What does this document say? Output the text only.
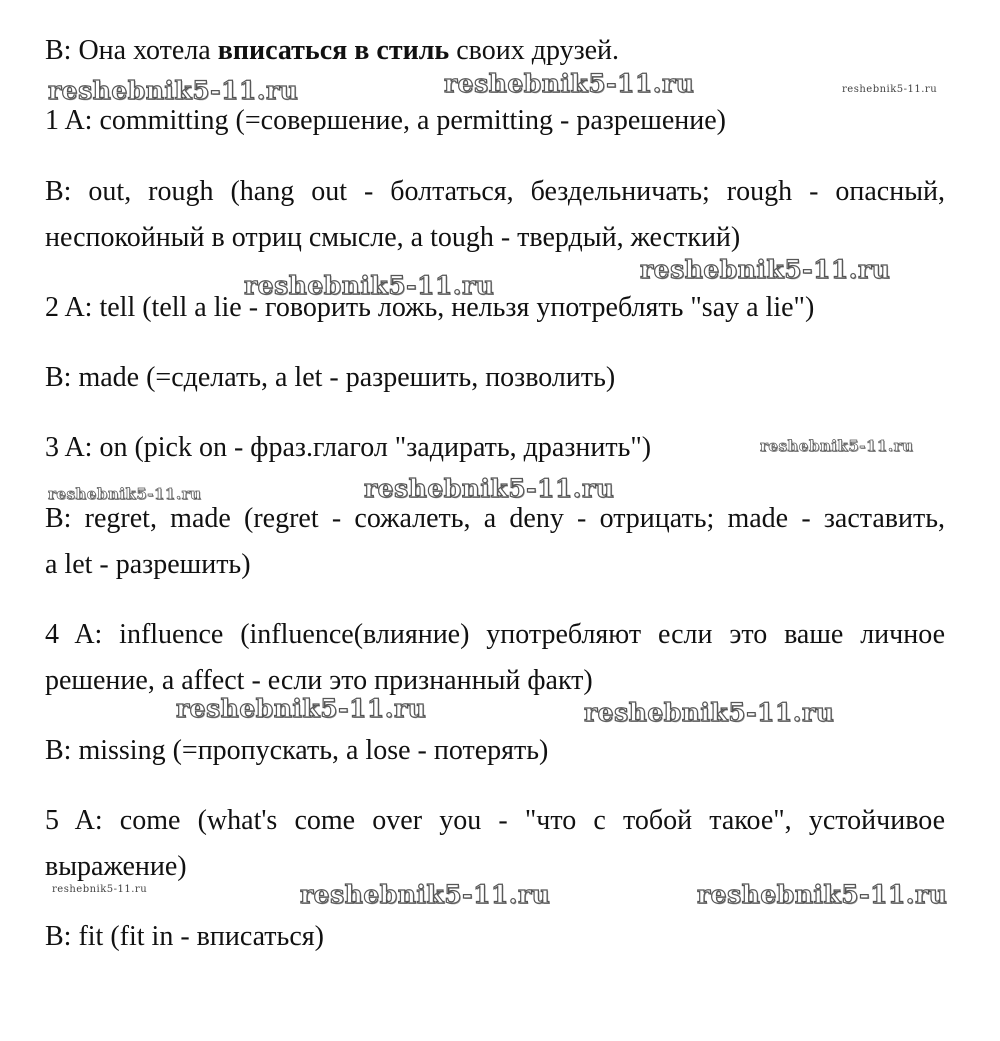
B: Она хотела вписаться в стиль своих друзей.
1 A: committing (=совершение, а permitting - разрешение)
B: out, rough (hang out - болтаться, бездельничать; rough - опасный,
неспокойный в отриц смысле, а tough - твердый, жесткий)
2 A: tell (tell a lie - говорить ложь, нельзя употреблять "say a lie")
B: made (=сделать, а let - разрешить, позволить)
3 A: on (pick on - фраз.глагол "задирать, дразнить")
B: regret, made (regret - сожалеть, а deny - отрицать; made - заставить,
а let - разрешить)
4 A: influence (influence(влияние) употребляют если это ваше личное
решение, а affect - если это признанный факт)
B: missing (=пропускать, а lose - потерять)
5 A: come (what's come over you - "что с тобой такое", устойчивое
выражение)
B: fit (fit in - вписаться)
reshebnik5-11.ru	reshebnik5-11.ru	reshebnik5-11.ru
reshebnik5-11.ru
reshebnik5-11.ru
reshebnik5-11.ru
reshebnik5-11.ru	reshebnik5-11.ru
reshebnik5-11.ru	reshebnik5-11.ru
reshebnik5-11.ru	reshebnik5-11.ru	reshebnik5-11.ru
